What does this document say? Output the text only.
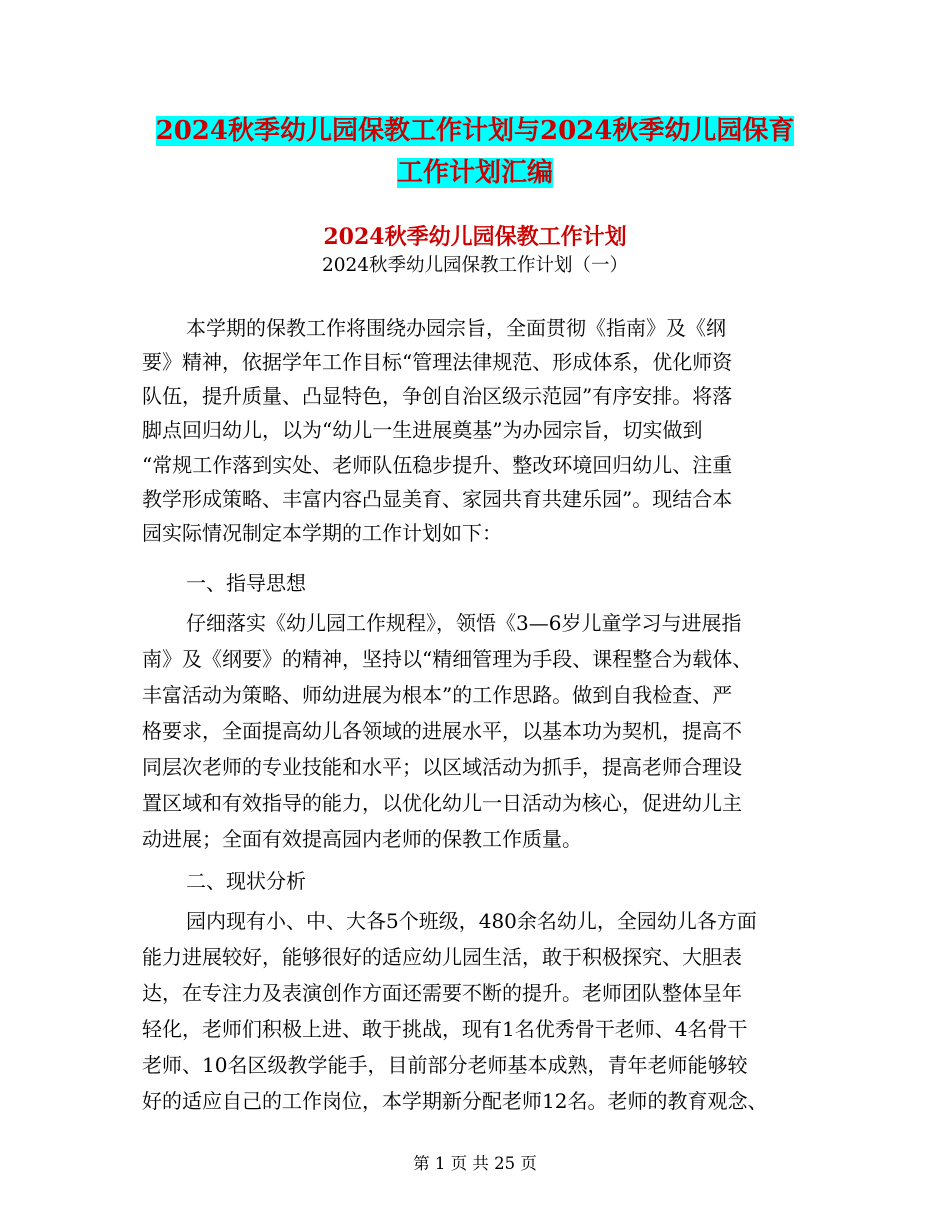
2024秋季幼儿园保教工作计划与2024秋季幼儿园保育
工作计划汇编
2024秋季幼儿园保教工作计划
2024秋季幼儿园保教工作计划（一）

本学期的保教工作将围绕办园宗旨，全面贯彻《指南》及《纲

要》精神，依据学年工作目标“管理法律规范、形成体系，优化师资

队伍，提升质量、凸显特色，争创自治区级示范园”有序安排。将落

脚点回归幼儿，以为“幼儿一生进展奠基”为办园宗旨，切实做到

“常规工作落到实处、老师队伍稳步提升、整改环境回归幼儿、注重

教学形成策略、丰富内容凸显美育、家园共育共建乐园”。现结合本

园实际情况制定本学期的工作计划如下：

一、指导思想

仔细落实《幼儿园工作规程》，领悟《3—6岁儿童学习与进展指

南》及《纲要》的精神，坚持以“精细管理为手段、课程整合为载体、

丰富活动为策略、师幼进展为根本”的工作思路。做到自我检查、严

格要求，全面提高幼儿各领域的进展水平，以基本功为契机，提高不

同层次老师的专业技能和水平；以区域活动为抓手，提高老师合理设

置区域和有效指导的能力，以优化幼儿一日活动为核心，促进幼儿主

动进展；全面有效提高园内老师的保教工作质量。

二、现状分析

园内现有小、中、大各5个班级，480余名幼儿，全园幼儿各方面

能力进展较好，能够很好的适应幼儿园生活，敢于积极探究、大胆表

达，在专注力及表演创作方面还需要不断的提升。老师团队整体呈年

轻化，老师们积极上进、敢于挑战，现有1名优秀骨干老师、4名骨干

老师、10名区级教学能手，目前部分老师基本成熟，青年老师能够较

好的适应自己的工作岗位，本学期新分配老师12名。老师的教育观念、

第 1 页 共 25 页
